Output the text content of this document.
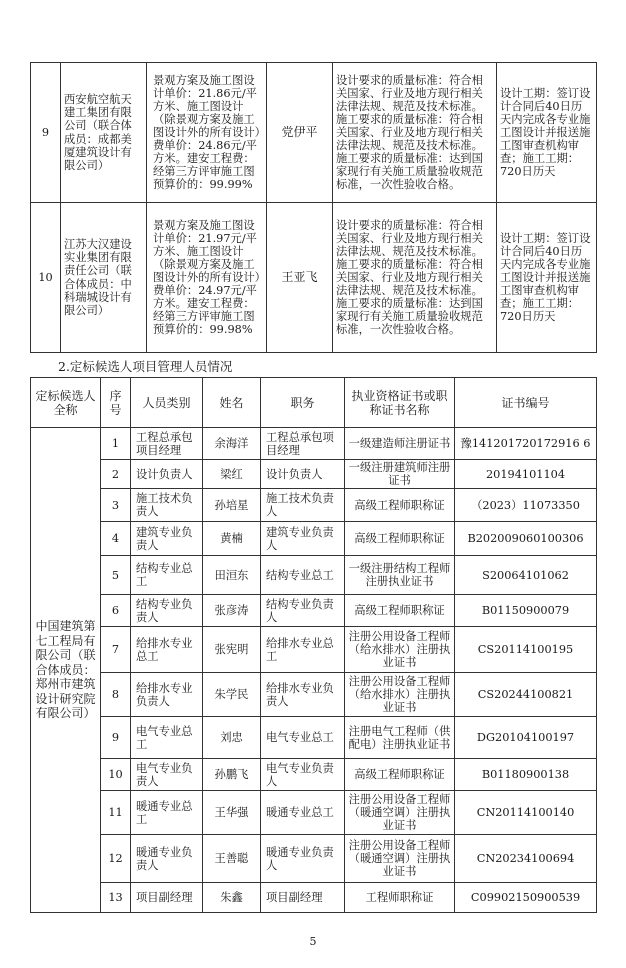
9	西安航空航天建工集团有限公司（联合体成员：成都美厦建筑设计有限公司）	景观方案及施工图设计单价：21.86元/平方米、施工图设计（除景观方案及施工图设计外的所有设计）费单价：24.86元/平方米。建安工程费：经第三方评审施工图预算价的：99.99%	党伊平	设计要求的质量标准：符合相关国家、行业及地方现行相关法律法规、规范及技术标准。施工要求的质量标准：符合相关国家、行业及地方现行相关法律法规、规范及技术标准。施工要求的质量标准：达到国家现行有关施工质量验收规范标准，一次性验收合格。	设计工期：签订设计合同后40日历天内完成各专业施工图设计并报送施工图审查机构审查；施工工期：720日历天
10	江苏大汉建设实业集团有限责任公司（联合体成员：中科瑞城设计有限公司）	景观方案及施工图设计单价：21.97元/平方米、施工图设计（除景观方案及施工图设计外的所有设计）费单价：24.97元/平方米。建安工程费：经第三方评审施工图预算价的：99.98%	王亚飞	设计要求的质量标准：符合相关国家、行业及地方现行相关法律法规、规范及技术标准。施工要求的质量标准：符合相关国家、行业及地方现行相关法律法规、规范及技术标准。施工要求的质量标准：达到国家现行有关施工质量验收规范标准，一次性验收合格。	设计工期：签订设计合同后40日历天内完成各专业施工图设计并报送施工图审查机构审查；施工工期：720日历天
2.定标候选人项目管理人员情况
定标候选人全称	序号	人员类别	姓名	职务	执业资格证书或职称证书名称	证书编号
中国建筑第七工程局有限公司（联合体成员：郑州市建筑设计研究院有限公司）	1	工程总承包项目经理	余海洋	工程总承包项目经理	一级建造师注册证书	豫141201720172916 6
	2	设计负责人	梁红	设计负责人	一级注册建筑师注册证书	20194101104
	3	施工技术负责人	孙培星	施工技术负责人	高级工程师职称证	（2023）11073350
	4	建筑专业负责人	黄楠	建筑专业负责人	高级工程师职称证	B202009060100306
	5	结构专业总工	田洹东	结构专业总工	一级注册结构工程师 注册执业证书	S20064101062
	6	结构专业负责人	张彦涛	结构专业负责人	高级工程师职称证	B01150900079
	7	给排水专业总工	张宪明	给排水专业总工	注册公用设备工程师（给水排水）注册执业证书	CS20114100195
	8	给排水专业负责人	朱学民	给排水专业负责人	注册公用设备工程师（给水排水）注册执业证书	CS20244100821
	9	电气专业总工	刘忠	电气专业总工	注册电气工程师（供配电）注册执业证书	DG20104100197
	10	电气专业负责人	孙鹏飞	电气专业负责人	高级工程师职称证	B01180900138
	11	暖通专业总工	王华强	暖通专业总工	注册公用设备工程师（暖通空调）注册执业证书	CN20114100140
	12	暖通专业负责人	王善聪	暖通专业负责人	注册公用设备工程师（暖通空调）注册执业证书	CN20234100694
	13	项目副经理	朱鑫	项目副经理	工程师职称证	C09902150900539
5
